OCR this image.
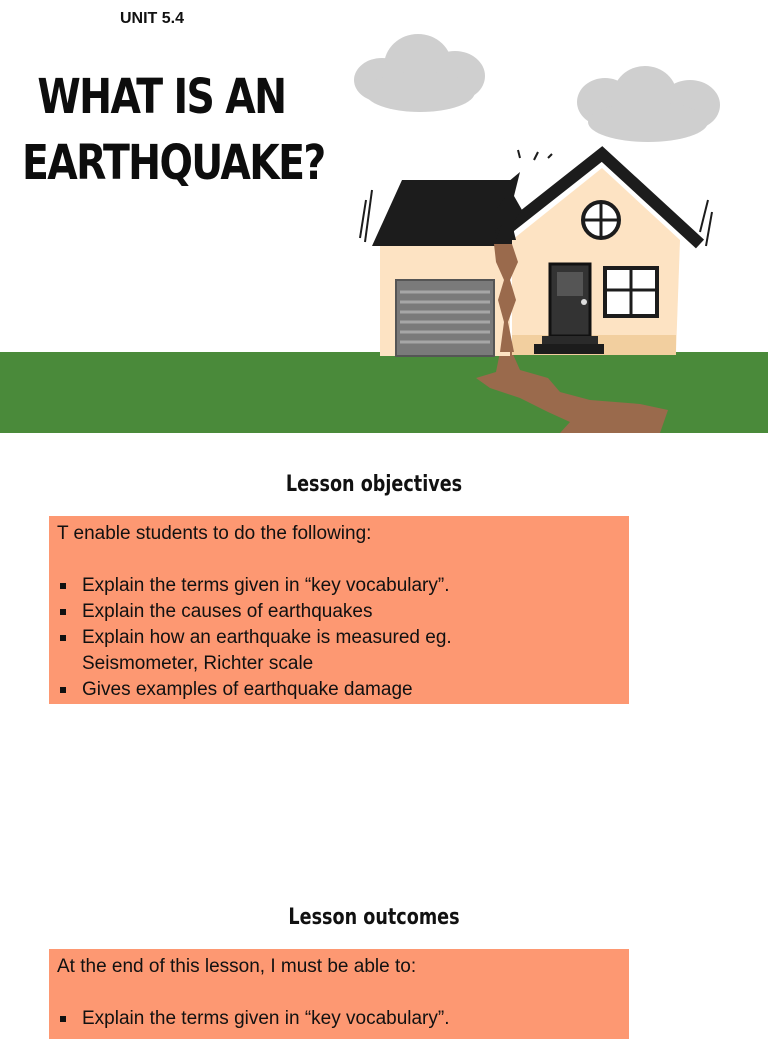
UNIT 5.4
WHAT IS AN
EARTHQUAKE?
Lesson objectives

T enable students to do the following:

Explain the terms given in “key vocabulary”.
Explain the causes of earthquakes
Explain how an earthquake is measured eg. Seismometer, Richter scale
Gives examples of earthquake damage
Lesson outcomes

At the end of this lesson, I must be able to:

Explain the terms given in “key vocabulary”.
